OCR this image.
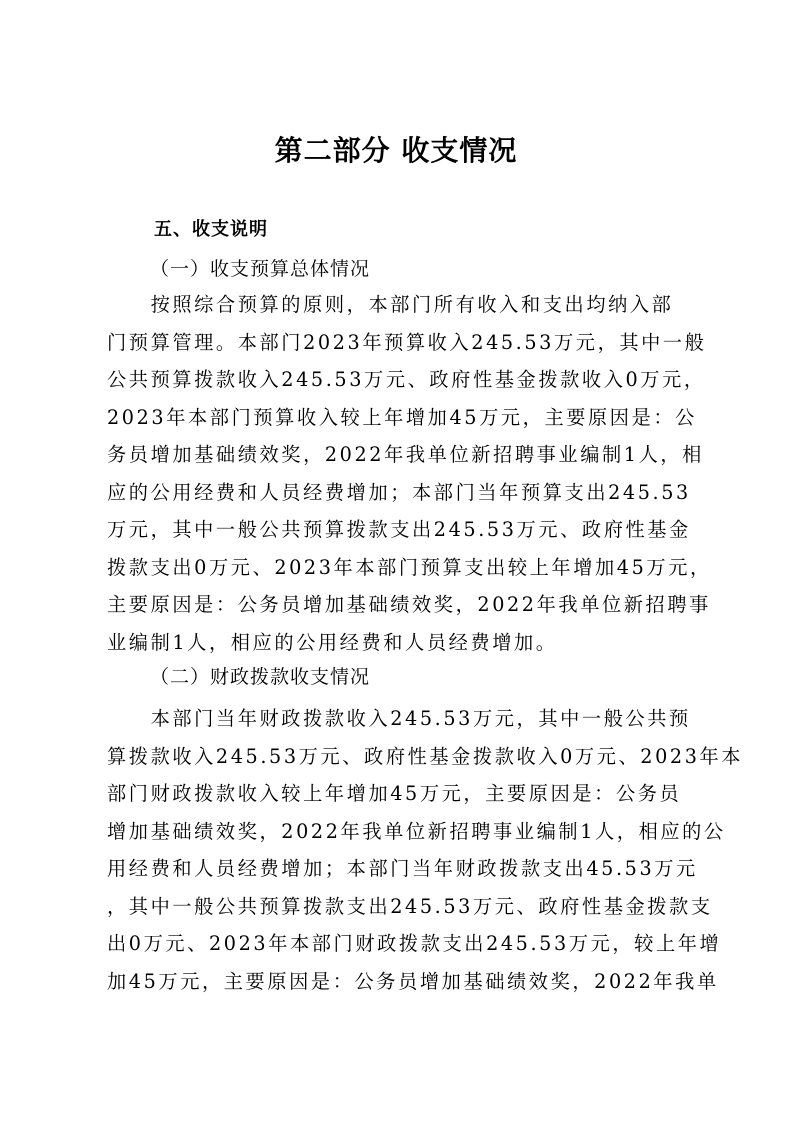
第二部分 收支情况
五、收支说明
（一）收支预算总体情况
　　按照综合预算的原则，本部门所有收入和支出均纳入部
门预算管理。本部门2023年预算收入245.53万元，其中一般
公共预算拨款收入245.53万元、政府性基金拨款收入0万元，
2023年本部门预算收入较上年增加45万元，主要原因是：公
务员增加基础绩效奖，2022年我单位新招聘事业编制1人，相
应的公用经费和人员经费增加；本部门当年预算支出245.53
万元，其中一般公共预算拨款支出245.53万元、政府性基金
拨款支出0万元、2023年本部门预算支出较上年增加45万元，
主要原因是：公务员增加基础绩效奖，2022年我单位新招聘事
业编制1人，相应的公用经费和人员经费增加。
（二）财政拨款收支情况
　　本部门当年财政拨款收入245.53万元，其中一般公共预
算拨款收入245.53万元、政府性基金拨款收入0万元、2023年本
部门财政拨款收入较上年增加45万元，主要原因是：公务员
增加基础绩效奖，2022年我单位新招聘事业编制1人，相应的公
用经费和人员经费增加；本部门当年财政拨款支出45.53万元
，其中一般公共预算拨款支出245.53万元、政府性基金拨款支
出0万元、2023年本部门财政拨款支出245.53万元，较上年增
加45万元，主要原因是：公务员增加基础绩效奖，2022年我单
